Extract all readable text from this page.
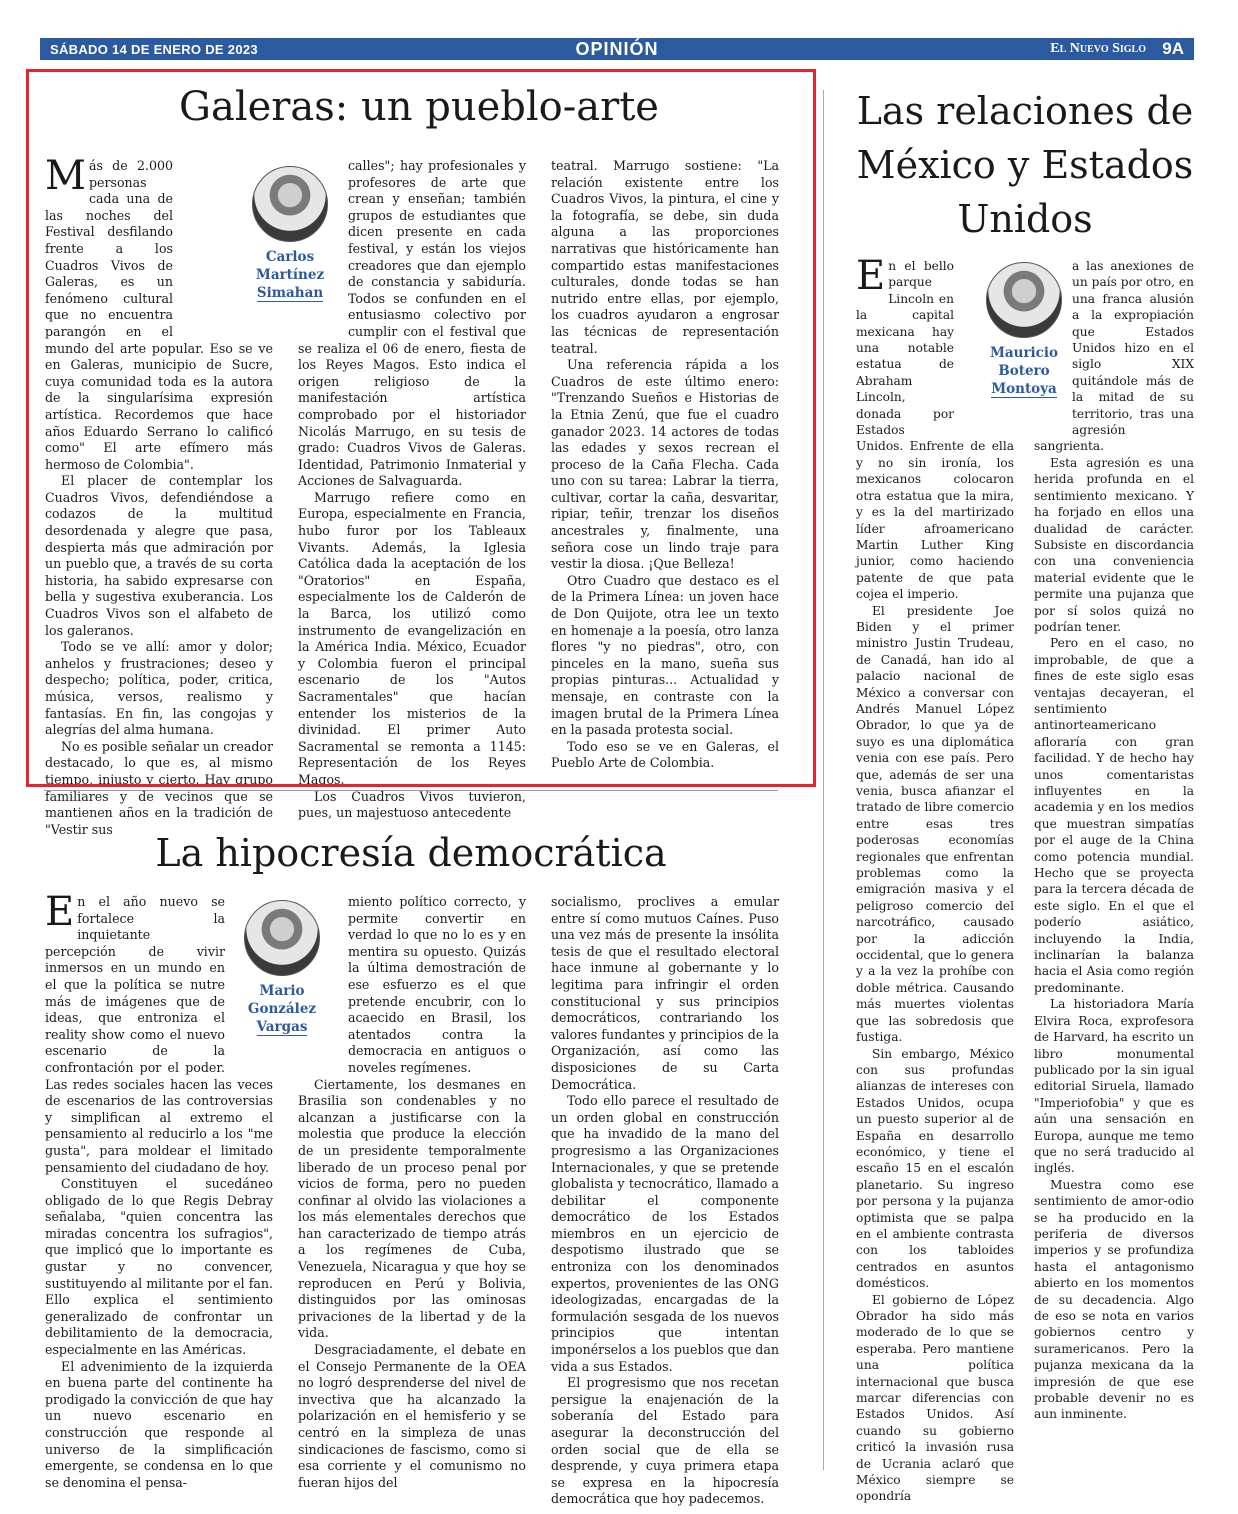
SÁBADO 14 DE ENERO DE 2023	OPINIÓN	El Nuevo Siglo 9A
Galeras: un pueblo-arte

Más de 2.000 personas cada una de las noches del Festival desfilando frente a los Cuadros Vivos de Galeras, es un fenómeno cultural que no encuentra parangón en el mundo del arte popular. Eso se ve en Galeras, municipio de Sucre, cuya comunidad toda es la autora de la singularísima expresión artística. Recordemos que hace años Eduardo Serrano lo calificó como" El arte efímero más hermoso de Colombia".

El placer de contemplar los Cuadros Vivos, defendiéndose a codazos de la multitud desordenada y alegre que pasa, despierta más que admiración por un pueblo que, a través de su corta historia, ha sabido expresarse con bella y sugestiva exuberancia. Los Cuadros Vivos son el alfabeto de los galeranos.

Todo se ve allí: amor y dolor; anhelos y frustraciones; deseo y despecho; política, poder, critica, música, versos, realismo y fantasías. En fin, las congojas y alegrías del alma humana.

No es posible señalar un creador destacado, lo que es, al mismo tiempo, injusto y cierto. Hay grupo familiares y de vecinos que se mantienen años en la tradición de "Vestir sus

Carlos
Martínez
Simahan

calles"; hay profesionales y profesores de arte que crean y enseñan; también grupos de estudiantes que dicen presente en cada festival, y están los viejos creadores que dan ejemplo de constancia y sabiduría. Todos se confunden en el entusiasmo colectivo por cumplir con el festival que se realiza el 06 de enero, fiesta de los Reyes Magos. Esto indica el origen religioso de la manifestación artística comprobado por el historiador Nicolás Marrugo, en su tesis de grado: Cuadros Vivos de Galeras. Identidad, Patrimonio Inmaterial y Acciones de Salvaguarda.

Marrugo refiere como en Europa, especialmente en Francia, hubo furor por los Tableaux Vivants. Además, la Iglesia Católica dada la aceptación de los "Oratorios" en España, especialmente los de Calderón de la Barca, los utilizó como instrumento de evangelización en la América India. México, Ecuador y Colombia fueron el principal escenario de los "Autos Sacramentales" que hacían entender los misterios de la divinidad. El primer Auto Sacramental se remonta a 1145: Representación de los Reyes Magos.

Los Cuadros Vivos tuvieron, pues, un majestuoso antecedente

teatral. Marrugo sostiene: "La relación existente entre los Cuadros Vivos, la pintura, el cine y la fotografía, se debe, sin duda alguna a las proporciones narrativas que históricamente han compartido estas manifestaciones culturales, donde todas se han nutrido entre ellas, por ejemplo, los cuadros ayudaron a engrosar las técnicas de representación teatral.

Una referencia rápida a los Cuadros de este último enero: "Trenzando Sueños e Historias de la Etnia Zenú, que fue el cuadro ganador 2023. 14 actores de todas las edades y sexos recrean el proceso de la Caña Flecha. Cada uno con su tarea: Labrar la tierra, cultivar, cortar la caña, desvaritar, ripiar, teñir, trenzar los diseños ancestrales y, finalmente, una señora cose un lindo traje para vestir la diosa. ¡Que Belleza!

Otro Cuadro que destaco es el de la Primera Línea: un joven hace de Don Quijote, otra lee un texto en homenaje a la poesía, otro lanza flores "y no piedras", otro, con pinceles en la mano, sueña sus propias pinturas... Actualidad y mensaje, en contraste con la imagen brutal de la Primera Línea en la pasada protesta social.

Todo eso se ve en Galeras, el Pueblo Arte de Colombia.

La hipocresía democrática

En el año nuevo se fortalece la inquietante percepción de vivir inmersos en un mundo en el que la política se nutre más de imágenes que de ideas, que entroniza el reality show como el nuevo escenario de la confrontación por el poder. Las redes sociales hacen las veces de escenarios de las controversias y simplifican al extremo el pensamiento al reducirlo a los "me gusta", para moldear el limitado pensamiento del ciudadano de hoy.

Constituyen el sucedáneo obligado de lo que Regis Debray señalaba, "quien concentra las miradas concentra los sufragios", que implicó que lo importante es gustar y no convencer, sustituyendo al militante por el fan. Ello explica el sentimiento generalizado de confrontar un debilitamiento de la democracia, especialmente en las Américas.

El advenimiento de la izquierda en buena parte del continente ha prodigado la convicción de que hay un nuevo escenario en construcción que responde al universo de la simplificación emergente, se condensa en lo que se denomina el pensa-

Mario
González
Vargas

miento político correcto, y permite convertir en verdad lo que no lo es y en mentira su opuesto. Quizás la última demostración de ese esfuerzo es el que pretende encubrir, con lo acaecido en Brasil, los atentados contra la democracia en antiguos o noveles regímenes.

Ciertamente, los desmanes en Brasilia son condenables y no alcanzan a justificarse con la molestia que produce la elección de un presidente temporalmente liberado de un proceso penal por vicios de forma, pero no pueden confinar al olvido las violaciones a los más elementales derechos que han caracterizado de tiempo atrás a los regímenes de Cuba, Venezuela, Nicaragua y que hoy se reproducen en Perú y Bolivia, distinguidos por las ominosas privaciones de la libertad y de la vida.

Desgraciadamente, el debate en el Consejo Permanente de la OEA no logró desprenderse del nivel de invectiva que ha alcanzado la polarización en el hemisferio y se centró en la simpleza de unas sindicaciones de fascismo, como si esa corriente y el comunismo no fueran hijos del

socialismo, proclives a emular entre sí como mutuos Caínes. Puso una vez más de presente la insólita tesis de que el resultado electoral hace inmune al gobernante y lo legitima para infringir el orden constitucional y sus principios democráticos, contrariando los valores fundantes y principios de la Organización, así como las disposiciones de su Carta Democrática.

Todo ello parece el resultado de un orden global en construcción que ha invadido de la mano del progresismo a las Organizaciones Internacionales, y que se pretende globalista y tecnocrático, llamado a debilitar el componente democrático de los Estados miembros en un ejercicio de despotismo ilustrado que se entroniza con los denominados expertos, provenientes de las ONG ideologizadas, encargadas de la formulación sesgada de los nuevos principios que intentan imponérselos a los pueblos que dan vida a sus Estados.

El progresismo que nos recetan persigue la enajenación de la soberanía del Estado para asegurar la deconstrucción del orden social que de ella se desprende, y cuya primera etapa se expresa en la hipocresía democrática que hoy padecemos.

Las relaciones de México y Estados Unidos

En el bello parque Lincoln en la capital mexicana hay una notable estatua de Abraham Lincoln, donada por Estados Unidos. Enfrente de ella y no sin ironía, los mexicanos colocaron otra estatua que la mira, y es la del martirizado líder afroamericano Martin Luther King junior, como haciendo patente de que pata cojea el imperio.

El presidente Joe Biden y el primer ministro Justin Trudeau, de Canadá, han ido al palacio nacional de México a conversar con Andrés Manuel López Obrador, lo que ya de suyo es una diplomática venia con ese país. Pero que, además de ser una venia, busca afianzar el tratado de libre comercio entre esas tres poderosas economías regionales que enfrentan problemas como la emigración masiva y el peligroso comercio del narcotráfico, causado por la adicción occidental, que lo genera y a la vez la prohíbe con doble métrica. Causando más muertes violentas que las sobredosis que fustiga.

Sin embargo, México con sus profundas alianzas de intereses con Estados Unidos, ocupa un puesto superior al de España en desarrollo económico, y tiene el escaño 15 en el escalón planetario. Su ingreso por persona y la pujanza optimista que se palpa en el ambiente contrasta con los tabloides centrados en asuntos domésticos.

El gobierno de López Obrador ha sido más moderado de lo que se esperaba. Pero mantiene una política internacional que busca marcar diferencias con Estados Unidos. Así cuando su gobierno criticó la invasión rusa de Ucrania aclaró que México siempre se opondría

Mauricio
Botero
Montoya

a las anexiones de un país por otro, en una franca alusión a la expropiación que Estados Unidos hizo en el siglo XIX quitándole más de la mitad de su territorio, tras una agresión sangrienta.

Esta agresión es una herida profunda en el sentimiento mexicano. Y ha forjado en ellos una dualidad de carácter. Subsiste en discordancia con una conveniencia material evidente que le permite una pujanza que por sí solos quizá no podrían tener.

Pero en el caso, no improbable, de que a fines de este siglo esas ventajas decayeran, el sentimiento antinorteamericano afloraría con gran facilidad. Y de hecho hay unos comentaristas influyentes en la academia y en los medios que muestran simpatías por el auge de la China como potencia mundial. Hecho que se proyecta para la tercera década de este siglo. En el que el poderío asiático, incluyendo la India, inclinarían la balanza hacia el Asia como región predominante.

La historiadora María Elvira Roca, exprofesora de Harvard, ha escrito un libro monumental publicado por la sin igual editorial Siruela, llamado "Imperiofobia" y que es aún una sensación en Europa, aunque me temo que no será traducido al inglés.

Muestra como ese sentimiento de amor-odio se ha producido en la periferia de diversos imperios y se profundiza hasta el antagonismo abierto en los momentos de su decadencia. Algo de eso se nota en varios gobiernos centro y suramericanos. Pero la pujanza mexicana da la impresión de que ese probable devenir no es aun inminente.
